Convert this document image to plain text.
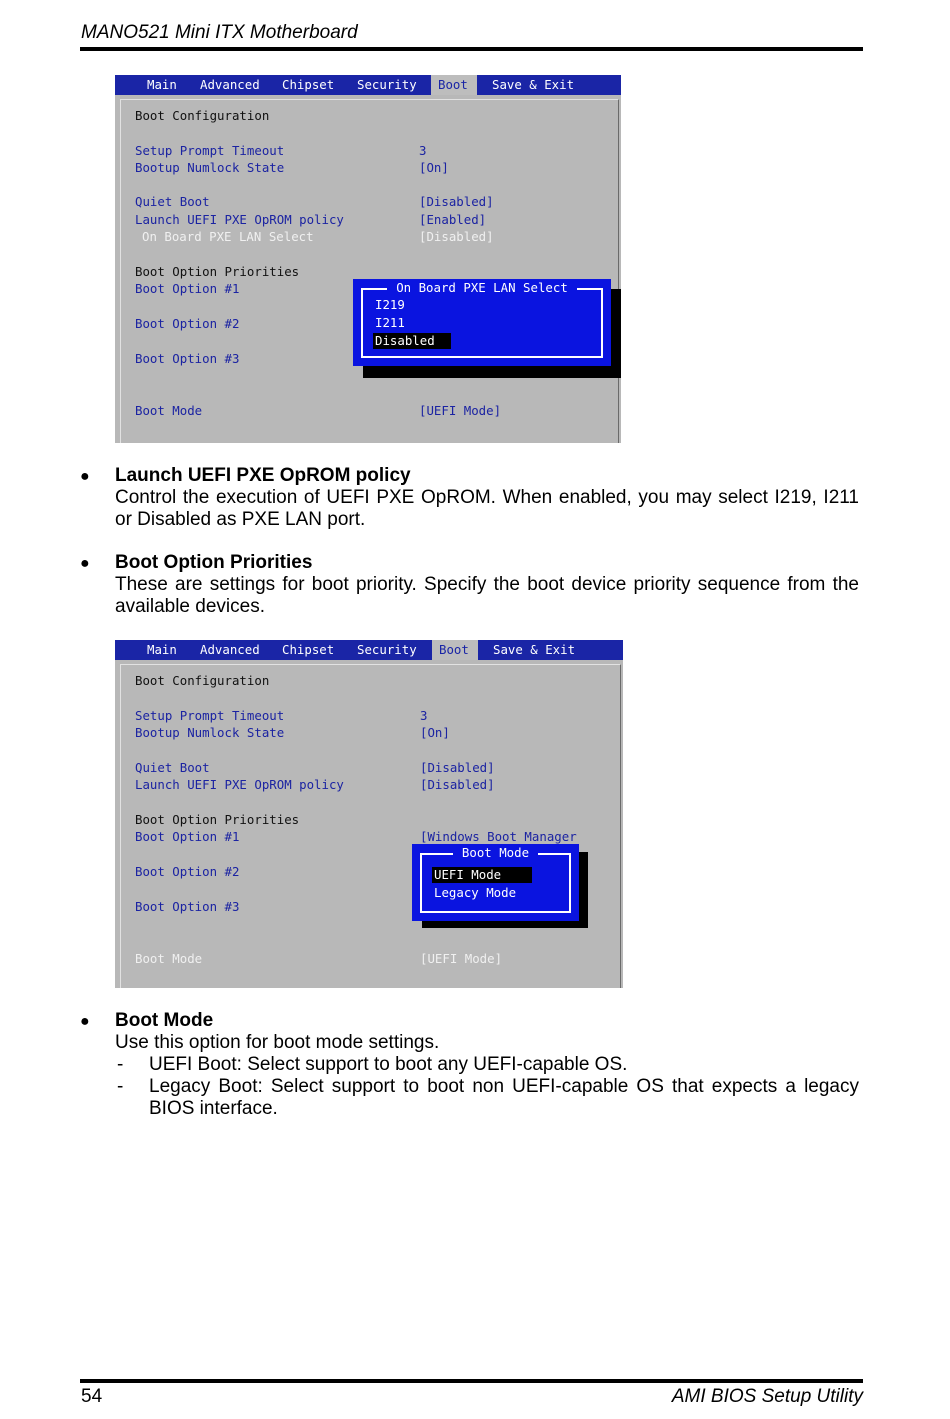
MANO521 Mini ITX Motherboard
Main	Advanced	Chipset	Security	Boot	Save & Exit
Boot Configuration
Setup Prompt Timeout	3
Bootup Numlock State	[On]
Quiet Boot	[Disabled]
Launch UEFI PXE OpROM policy	[Enabled]
On Board PXE LAN Select	[Disabled]
Boot Option Priorities
Boot Option #1
Boot Option #2
Boot Option #3
Boot Mode	[UEFI Mode]
On Board PXE LAN Select
I219
I211
Disabled
● Launch UEFI PXE OpROM policy
Control the execution of UEFI PXE OpROM. When enabled, you may select I219, I211 or Disabled as PXE LAN port.
● Boot Option Priorities
These are settings for boot priority. Specify the boot device priority sequence from the available devices.
Main	Advanced	Chipset	Security	Boot	Save & Exit
Boot Configuration
Setup Prompt Timeout	3
Bootup Numlock State	[On]
Quiet Boot	[Disabled]
Launch UEFI PXE OpROM policy	[Disabled]
Boot Option Priorities
Boot Option #1	[Windows Boot Manager
Boot Option #2
Boot Option #3
Boot Mode	[UEFI Mode]
Boot Mode
UEFI Mode
Legacy Mode
● Boot Mode
Use this option for boot mode settings.
- UEFI Boot: Select support to boot any UEFI-capable OS.
- Legacy Boot: Select support to boot non UEFI-capable OS that expects a legacy BIOS interface.
54	AMI BIOS Setup Utility
